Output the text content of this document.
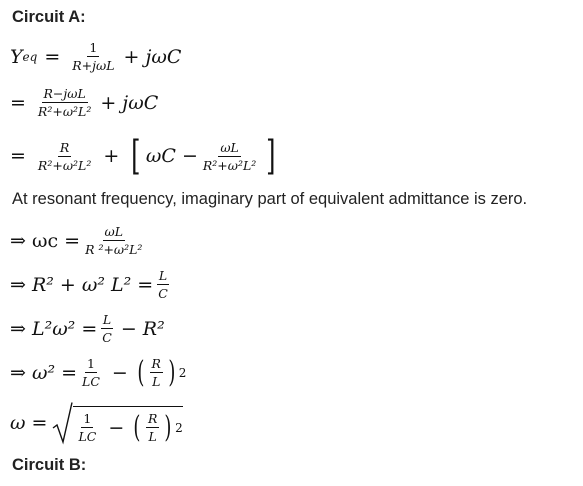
Circuit A:
Y eq = $\frac{1}{\text{R+jωL}} + j\omega C$
= $\frac{\text{R−jωL}}{\text{R²+ω²L²}} + j\omega C$
= $\frac{R}{\text{R²+ω²L²}}$ + [ $\omega C - \frac{\omega L}{\text{R²+ω²L²}}$ ]
At resonant frequency, imaginary part of equivalent admittance is zero.
⇒ $\omega c = \frac{\omega L}{\text{R ²+ω²L²}}$
⇒ R² + ω² $L^2 = \frac{L}{C}$
⇒ $L^2\omega^2 = \frac{L}{C} - R^2$
⇒ $\omega^2 = \frac{1}{LC}$ − ( $\frac{R}{L}$ ) 2
$\omega = \frac{1}{LC}$ − ( $\frac{R}{L}$ ) 2
Circuit B:
